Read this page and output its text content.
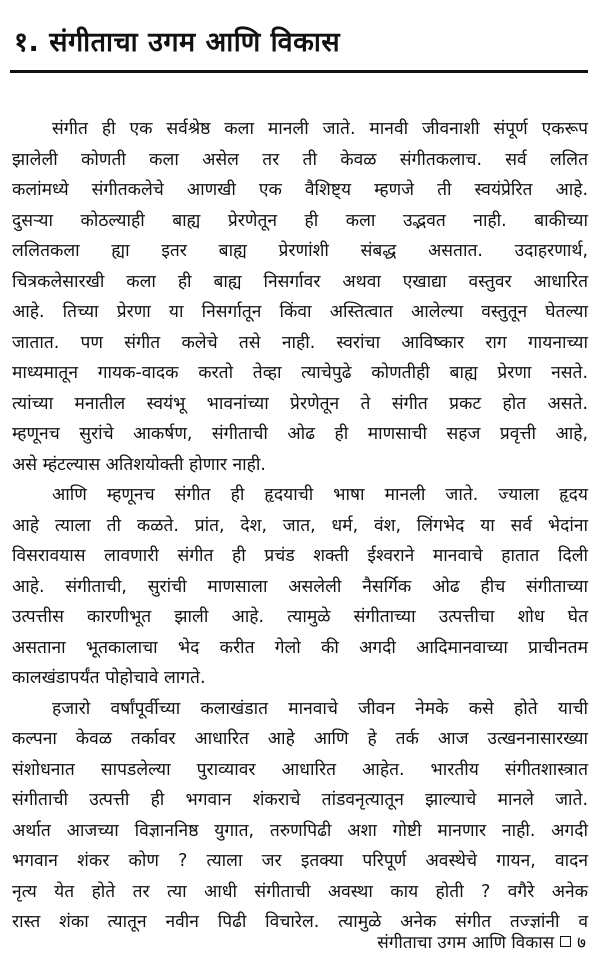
१. संगीताचा उगम आणि विकास
संगीत ही एक सर्वश्रेष्ठ कला मानली जाते. मानवी जीवनाशी संपूर्ण एकरूप
झालेली कोणती कला असेल तर ती केवळ संगीतकलाच. सर्व ललित
कलांमध्ये संगीतकलेचे आणखी एक वैशिष्ट्य म्हणजे ती स्वयंप्रेरित आहे.
दुसऱ्या कोठल्याही बाह्य प्रेरणेतून ही कला उद्भवत नाही. बाकीच्या
ललितकला ह्या इतर बाह्य प्रेरणांशी संबद्ध असतात. उदाहरणार्थ,
चित्रकलेसारखी कला ही बाह्य निसर्गावर अथवा एखाद्या वस्तुवर आधारित
आहे. तिच्या प्रेरणा या निसर्गातून किंवा अस्तित्वात आलेल्या वस्तुतून घेतल्या
जातात. पण संगीत कलेचे तसे नाही. स्वरांचा आविष्कार राग गायनाच्या
माध्यमातून गायक-वादक करतो तेव्हा त्याचेपुढे कोणतीही बाह्य प्रेरणा नसते.
त्यांच्या मनातील स्वयंभू भावनांच्या प्रेरणेतून ते संगीत प्रकट होत असते.
म्हणूनच सुरांचे आकर्षण, संगीताची ओढ ही माणसाची सहज प्रवृत्ती आहे,
असे म्हंटल्यास अतिशयोक्ती होणार नाही.
आणि म्हणूनच संगीत ही हृदयाची भाषा मानली जाते. ज्याला हृदय
आहे त्याला ती कळते. प्रांत, देश, जात, धर्म, वंश, लिंगभेद या सर्व भेदांना
विसरावयास लावणारी संगीत ही प्रचंड शक्ती ईश्वराने मानवाचे हातात दिली
आहे. संगीताची, सुरांची माणसाला असलेली नैसर्गिक ओढ हीच संगीताच्या
उत्पत्तीस कारणीभूत झाली आहे. त्यामुळे संगीताच्या उत्पत्तीचा शोध घेत
असताना भूतकालाचा भेद करीत गेलो की अगदी आदिमानवाच्या प्राचीनतम
कालखंडापर्यंत पोहोचावे लागते.
हजारो वर्षांपूर्वीच्या कलाखंडात मानवाचे जीवन नेमके कसे होते याची
कल्पना केवळ तर्कावर आधारित आहे आणि हे तर्क आज उत्खननासारख्या
संशोधनात सापडलेल्या पुराव्यावर आधारित आहेत. भारतीय संगीतशास्त्रात
संगीताची उत्पत्ती ही भगवान शंकराचे तांडवनृत्यातून झाल्याचे मानले जाते.
अर्थात आजच्या विज्ञाननिष्ठ युगात, तरुणपिढी अशा गोष्टी मानणार नाही. अगदी
भगवान शंकर कोण ? त्याला जर इतक्या परिपूर्ण अवस्थेचे गायन, वादन
नृत्य येत होते तर त्या आधी संगीताची अवस्था काय होती ? वगैरे अनेक
रास्त शंका त्यातून नवीन पिढी विचारेल. त्यामुळे अनेक संगीत तज्ज्ञांनी व
संगीताचा उगम आणि विकास ७
